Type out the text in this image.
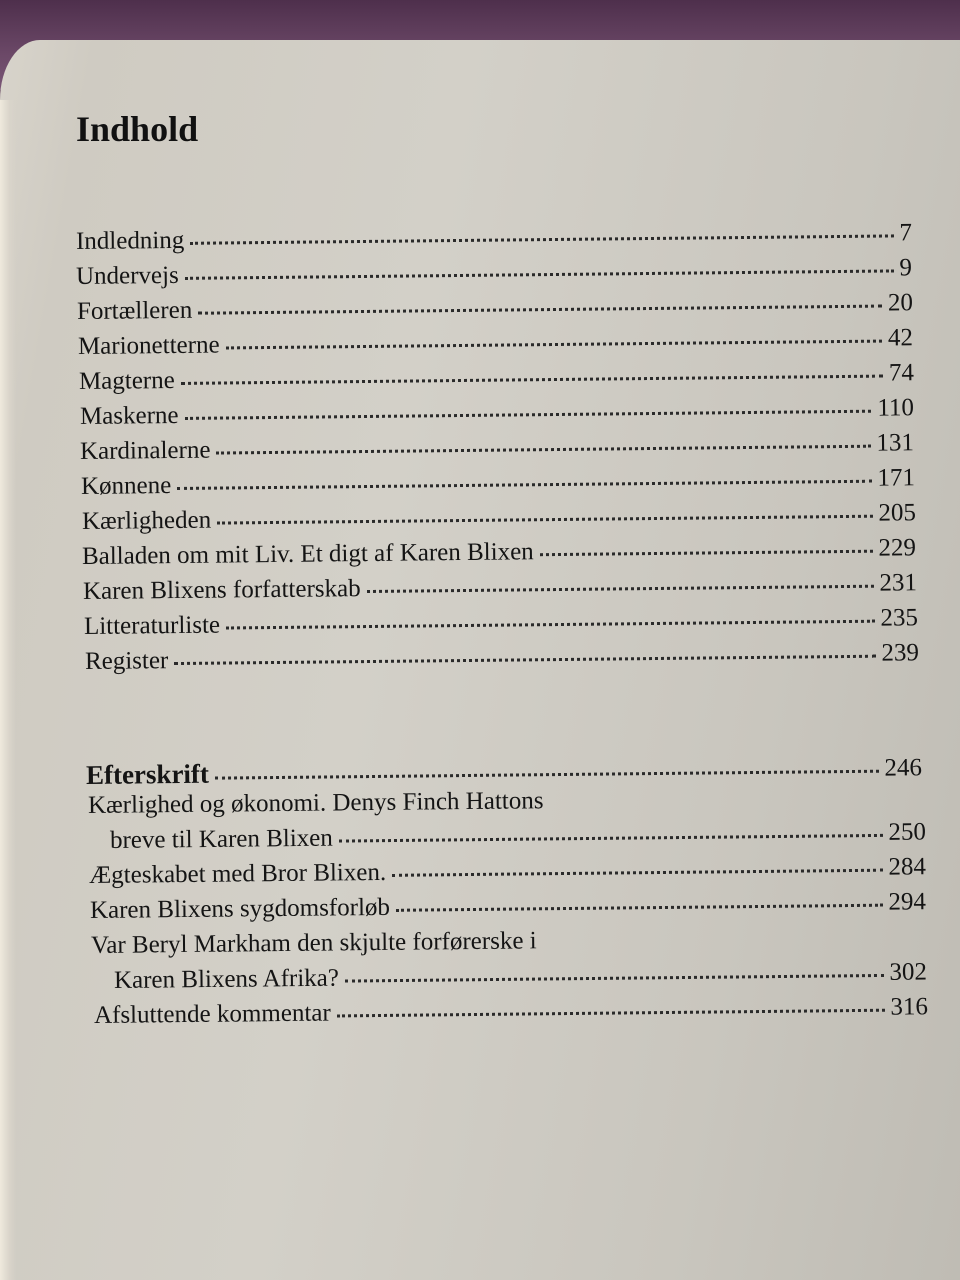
Indhold
Indledning	7
Undervejs	9
Fortælleren	20
Marionetterne	42
Magterne	74
Maskerne	110
Kardinalerne	131
Kønnene	171
Kærligheden	205
Balladen om mit Liv. Et digt af Karen Blixen	229
Karen Blixens forfatterskab	231
Litteraturliste	235
Register	239
Efterskrift	246
Kærlighed og økonomi. Denys Finch Hattons
breve til Karen Blixen	250
Ægteskabet med Bror Blixen.	284
Karen Blixens sygdomsforløb	294
Var Beryl Markham den skjulte forførerske i
Karen Blixens Afrika?	302
Afsluttende kommentar	316
